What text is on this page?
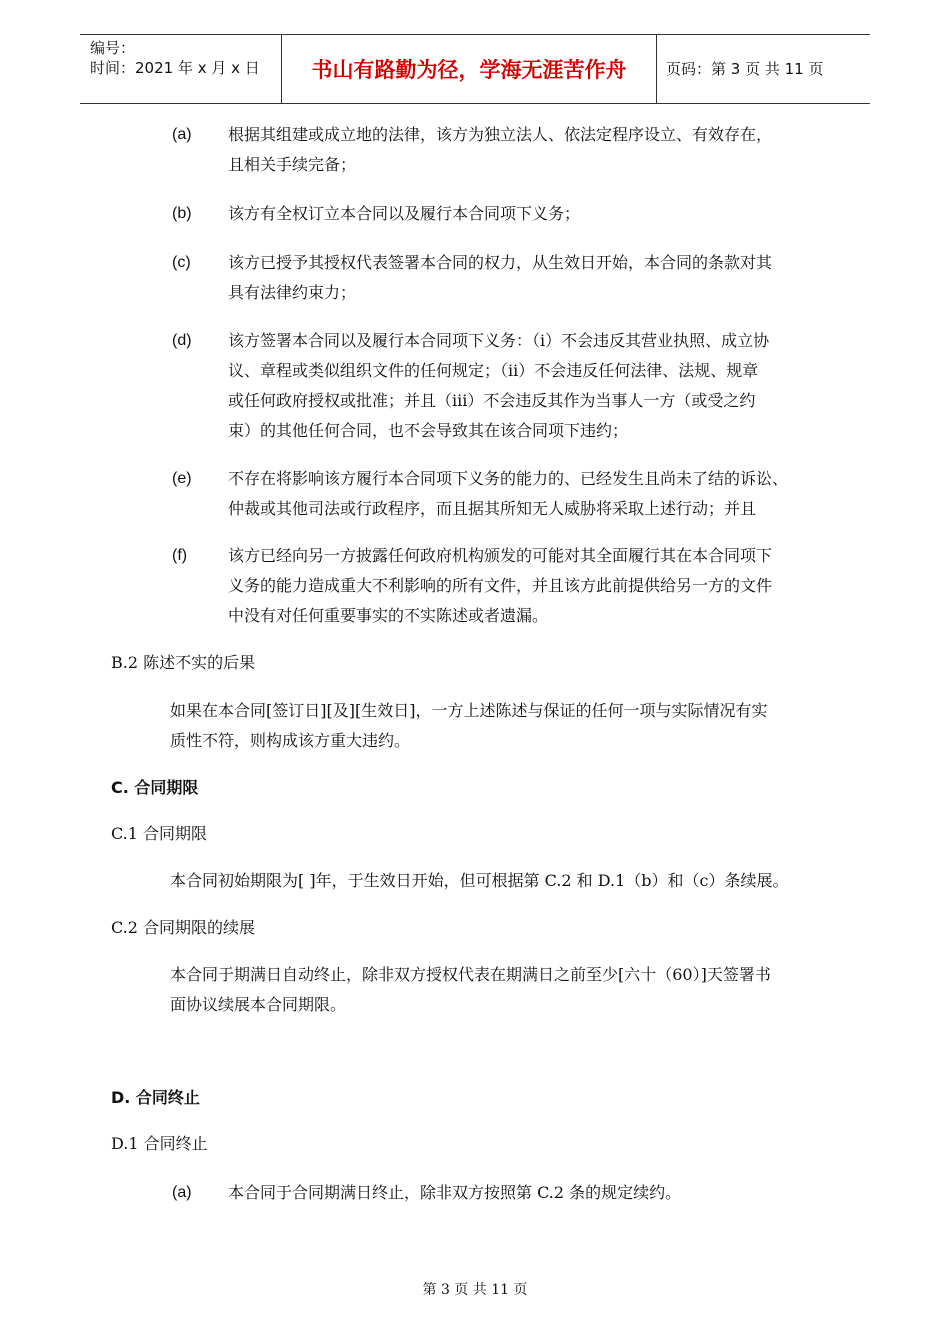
编号：
时间：2021 年 x 月 x 日	书山有路勤为径，学海无涯苦作舟	页码：第 3 页 共 11 页
(a) 根据其组建或成立地的法律，该方为独立法人、依法定程序设立、有效存在，
且相关手续完备；
(b) 该方有全权订立本合同以及履行本合同项下义务；
(c) 该方已授予其授权代表签署本合同的权力，从生效日开始，本合同的条款对其
具有法律约束力；
(d) 该方签署本合同以及履行本合同项下义务：（i）不会违反其营业执照、成立协
议、章程或类似组织文件的任何规定；（ii）不会违反任何法律、法规、规章
或任何政府授权或批准；并且（iii）不会违反其作为当事人一方（或受之约
束）的其他任何合同，也不会导致其在该合同项下违约；
(e) 不存在将影响该方履行本合同项下义务的能力的、已经发生且尚未了结的诉讼、
仲裁或其他司法或行政程序，而且据其所知无人威胁将采取上述行动；并且
(f)	该方已经向另一方披露任何政府机构颁发的可能对其全面履行其在本合同项下
义务的能力造成重大不利影响的所有文件，并且该方此前提供给另一方的文件
中没有对任何重要事实的不实陈述或者遗漏。
B.2 陈述不实的后果
如果在本合同[签订日][及][生效日]，一方上述陈述与保证的任何一项与实际情况有实
质性不符，则构成该方重大违约。
C. 合同期限
C.1 合同期限
本合同初始期限为[ ]年，于生效日开始，但可根据第 C.2 和 D.1（b）和（c）条续展。
C.2 合同期限的续展
本合同于期满日自动终止，除非双方授权代表在期满日之前至少[六十（60）]天签署书
面协议续展本合同期限。
D. 合同终止
D.1 合同终止
(a) 本合同于合同期满日终止，除非双方按照第 C.2 条的规定续约。
第 3 页 共 11 页
